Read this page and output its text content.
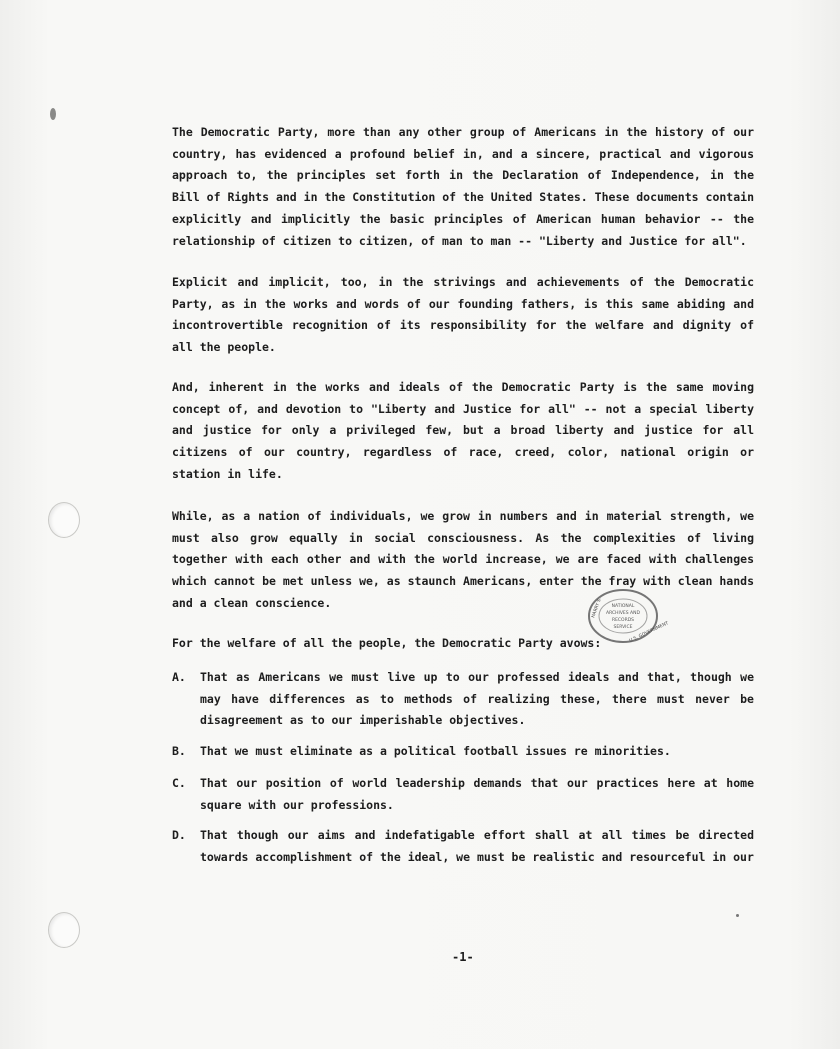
The Democratic Party, more than any other group of Americans in the history of our country, has evidenced a profound belief in, and a sincere, practical and vigorous approach to, the principles set forth in the Declaration of Independence, in the Bill of Rights and in the Constitution of the United States. These documents contain explicitly and implicitly the basic principles of American human behavior -- the relationship of citizen to citizen, of man to man -- "Liberty and Justice for all".

Explicit and implicit, too, in the strivings and achievements of the Democratic Party, as in the works and words of our founding fathers, is this same abiding and incontrovertible recognition of its responsibility for the welfare and dignity of all the people.

And, inherent in the works and ideals of the Democratic Party is the same moving concept of, and devotion to "Liberty and Justice for all" -- not a special liberty and justice for only a privileged few, but a broad liberty and justice for all citizens of our country, regardless of race, creed, color, national origin or station in life.

While, as a nation of individuals, we grow in numbers and in material strength, we must also grow equally in social consciousness. As the complexities of living together with each other and with the world increase, we are faced with challenges which cannot be met unless we, as staunch Americans, enter the fray with clean hands and a clean conscience.

For the welfare of all the people, the Democratic Party avows:

A. That as Americans we must live up to our professed ideals and that, though we may have differences as to methods of realizing these, there must never be disagreement as to our imperishable objectives.
B. That we must eliminate as a political football issues re minorities.
C. That our position of world leadership demands that our practices here at home square with our professions.
D. That though our aims and indefatigable effort shall at all times be directed towards accomplishment of the ideal, we must be realistic and resourceful in our
-1-
NATIONAL
ARCHIVES AND
RECORDS
SERVICE
HARRY S.
U.S. GOVERNMENT
